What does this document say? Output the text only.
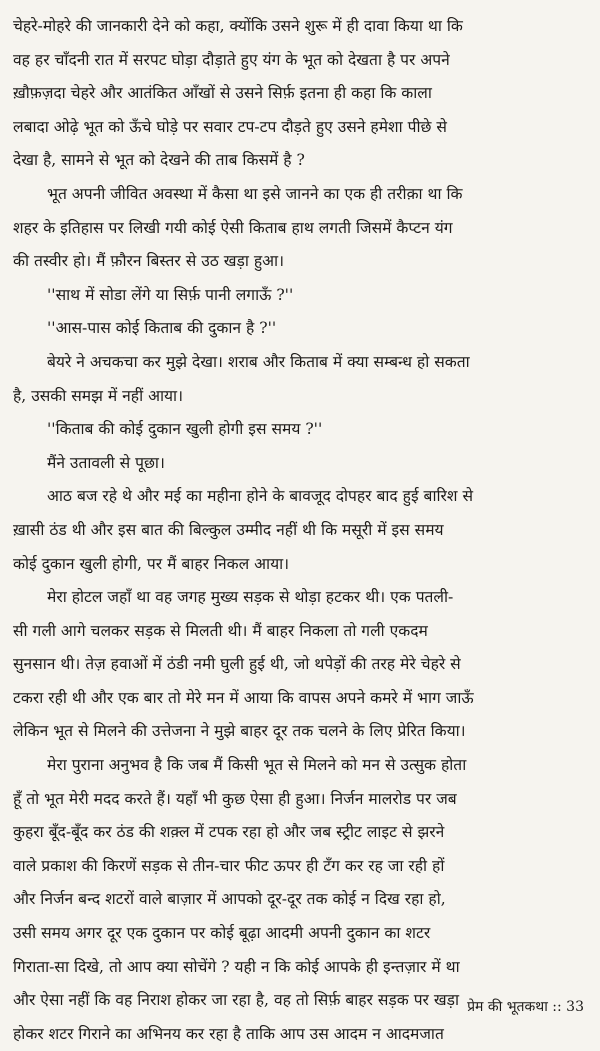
चेहरे-मोहरे की जानकारी देने को कहा, क्योंकि उसने शुरू में ही दावा किया था कि
वह हर चाँदनी रात में सरपट घोड़ा दौड़ाते हुए यंग के भूत को देखता है पर अपने
ख़ौफ़ज़दा चेहरे और आतंकित आँखों से उसने सिर्फ़ इतना ही कहा कि काला
लबादा ओढ़े भूत को ऊँचे घोड़े पर सवार टप-टप दौड़ते हुए उसने हमेशा पीछे से
देखा है, सामने से भूत को देखने की ताब किसमें है ?
भूत अपनी जीवित अवस्था में कैसा था इसे जानने का एक ही तरीक़ा था कि
शहर के इतिहास पर लिखी गयी कोई ऐसी किताब हाथ लगती जिसमें कैप्टन यंग
की तस्वीर हो। मैं फ़ौरन बिस्तर से उठ खड़ा हुआ।
''साथ में सोडा लेंगे या सिर्फ़ पानी लगाऊँ ?''
''आस-पास कोई किताब की दुकान है ?''
बेयरे ने अचकचा कर मुझे देखा। शराब और किताब में क्या सम्बन्ध हो सकता
है, उसकी समझ में नहीं आया।
''किताब की कोई दुकान खुली होगी इस समय ?''
मैंने उतावली से पूछा।
आठ बज रहे थे और मई का महीना होने के बावजूद दोपहर बाद हुई बारिश से
ख़ासी ठंड थी और इस बात की बिल्कुल उम्मीद नहीं थी कि मसूरी में इस समय
कोई दुकान खुली होगी, पर मैं बाहर निकल आया।
मेरा होटल जहाँ था वह जगह मुख्य सड़क से थोड़ा हटकर थी। एक पतली-
सी गली आगे चलकर सड़क से मिलती थी। मैं बाहर निकला तो गली एकदम
सुनसान थी। तेज़ हवाओं में ठंडी नमी घुली हुई थी, जो थपेड़ों की तरह मेरे चेहरे से
टकरा रही थी और एक बार तो मेरे मन में आया कि वापस अपने कमरे में भाग जाऊँ
लेकिन भूत से मिलने की उत्तेजना ने मुझे बाहर दूर तक चलने के लिए प्रेरित किया।
मेरा पुराना अनुभव है कि जब मैं किसी भूत से मिलने को मन से उत्सुक होता
हूँ तो भूत मेरी मदद करते हैं। यहाँ भी कुछ ऐसा ही हुआ। निर्जन मालरोड पर जब
कुहरा बूँद-बूँद कर ठंड की शक़्ल में टपक रहा हो और जब स्ट्रीट लाइट से झरने
वाले प्रकाश की किरणें सड़क से तीन-चार फीट ऊपर ही टँग कर रह जा रही हों
और निर्जन बन्द शटरों वाले बाज़ार में आपको दूर-दूर तक कोई न दिख रहा हो,
उसी समय अगर दूर एक दुकान पर कोई बूढ़ा आदमी अपनी दुकान का शटर
गिराता-सा दिखे, तो आप क्या सोचेंगे ? यही न कि कोई आपके ही इन्तज़ार में था
और ऐसा नहीं कि वह निराश होकर जा रहा है, वह तो सिर्फ़ बाहर सड़क पर खड़ा
होकर शटर गिराने का अभिनय कर रहा है ताकि आप उस आदम न आदमजात
प्रेम की भूतकथा :: 33
